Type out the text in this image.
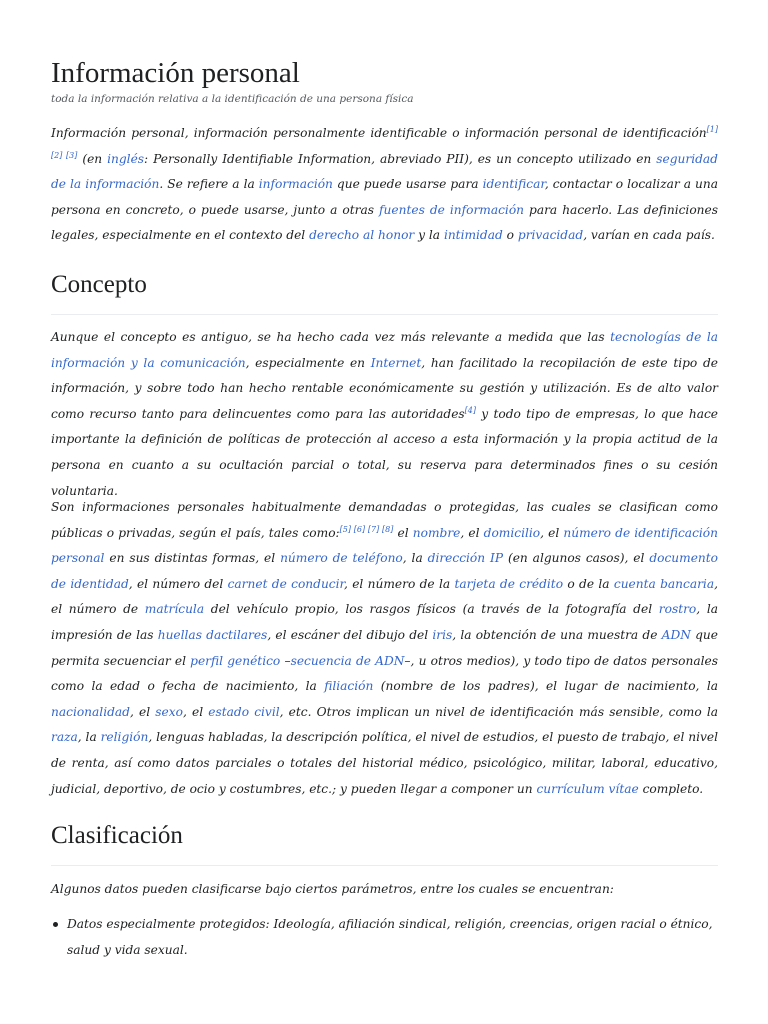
Información personal
toda la información relativa a la identificación de una persona física

Información personal, información personalmente identificable o información personal de identificación[1] [2] [3] (en inglés: Personally Identifiable Information, abreviado PII), es un concepto utilizado en seguridad de la información. Se refiere a la información que puede usarse para identificar, contactar o localizar a una persona en concreto, o puede usarse, junto a otras fuentes de información para hacerlo. Las definiciones legales, especialmente en el contexto del derecho al honor y la intimidad o privacidad, varían en cada país.

Concepto

Aunque el concepto es antiguo, se ha hecho cada vez más relevante a medida que las tecnologías de la información y la comunicación, especialmente en Internet, han facilitado la recopilación de este tipo de información, y sobre todo han hecho rentable económicamente su gestión y utilización. Es de alto valor como recurso tanto para delincuentes como para las autoridades[4] y todo tipo de empresas, lo que hace importante la definición de políticas de protección al acceso a esta información y la propia actitud de la persona en cuanto a su ocultación parcial o total, su reserva para determinados fines o su cesión voluntaria.

Son informaciones personales habitualmente demandadas o protegidas, las cuales se clasifican como públicas o privadas, según el país, tales como:[5] [6] [7] [8] el nombre, el domicilio, el número de identificación personal en sus distintas formas, el número de teléfono, la dirección IP (en algunos casos), el documento de identidad, el número del carnet de conducir, el número de la tarjeta de crédito o de la cuenta bancaria, el número de matrícula del vehículo propio, los rasgos físicos (a través de la fotografía del rostro, la impresión de las huellas dactilares, el escáner del dibujo del iris, la obtención de una muestra de ADN que permita secuenciar el perfil genético –secuencia de ADN–, u otros medios), y todo tipo de datos personales como la edad o fecha de nacimiento, la filiación (nombre de los padres), el lugar de nacimiento, la nacionalidad, el sexo, el estado civil, etc. Otros implican un nivel de identificación más sensible, como la raza, la religión, lenguas habladas, la descripción política, el nivel de estudios, el puesto de trabajo, el nivel de renta, así como datos parciales o totales del historial médico, psicológico, militar, laboral, educativo, judicial, deportivo, de ocio y costumbres, etc.; y pueden llegar a componer un currículum vítae completo.

Clasificación

Algunos datos pueden clasificarse bajo ciertos parámetros, entre los cuales se encuentran:

Datos especialmente protegidos: Ideología, afiliación sindical, religión, creencias, origen racial o étnico, salud y vida sexual.
